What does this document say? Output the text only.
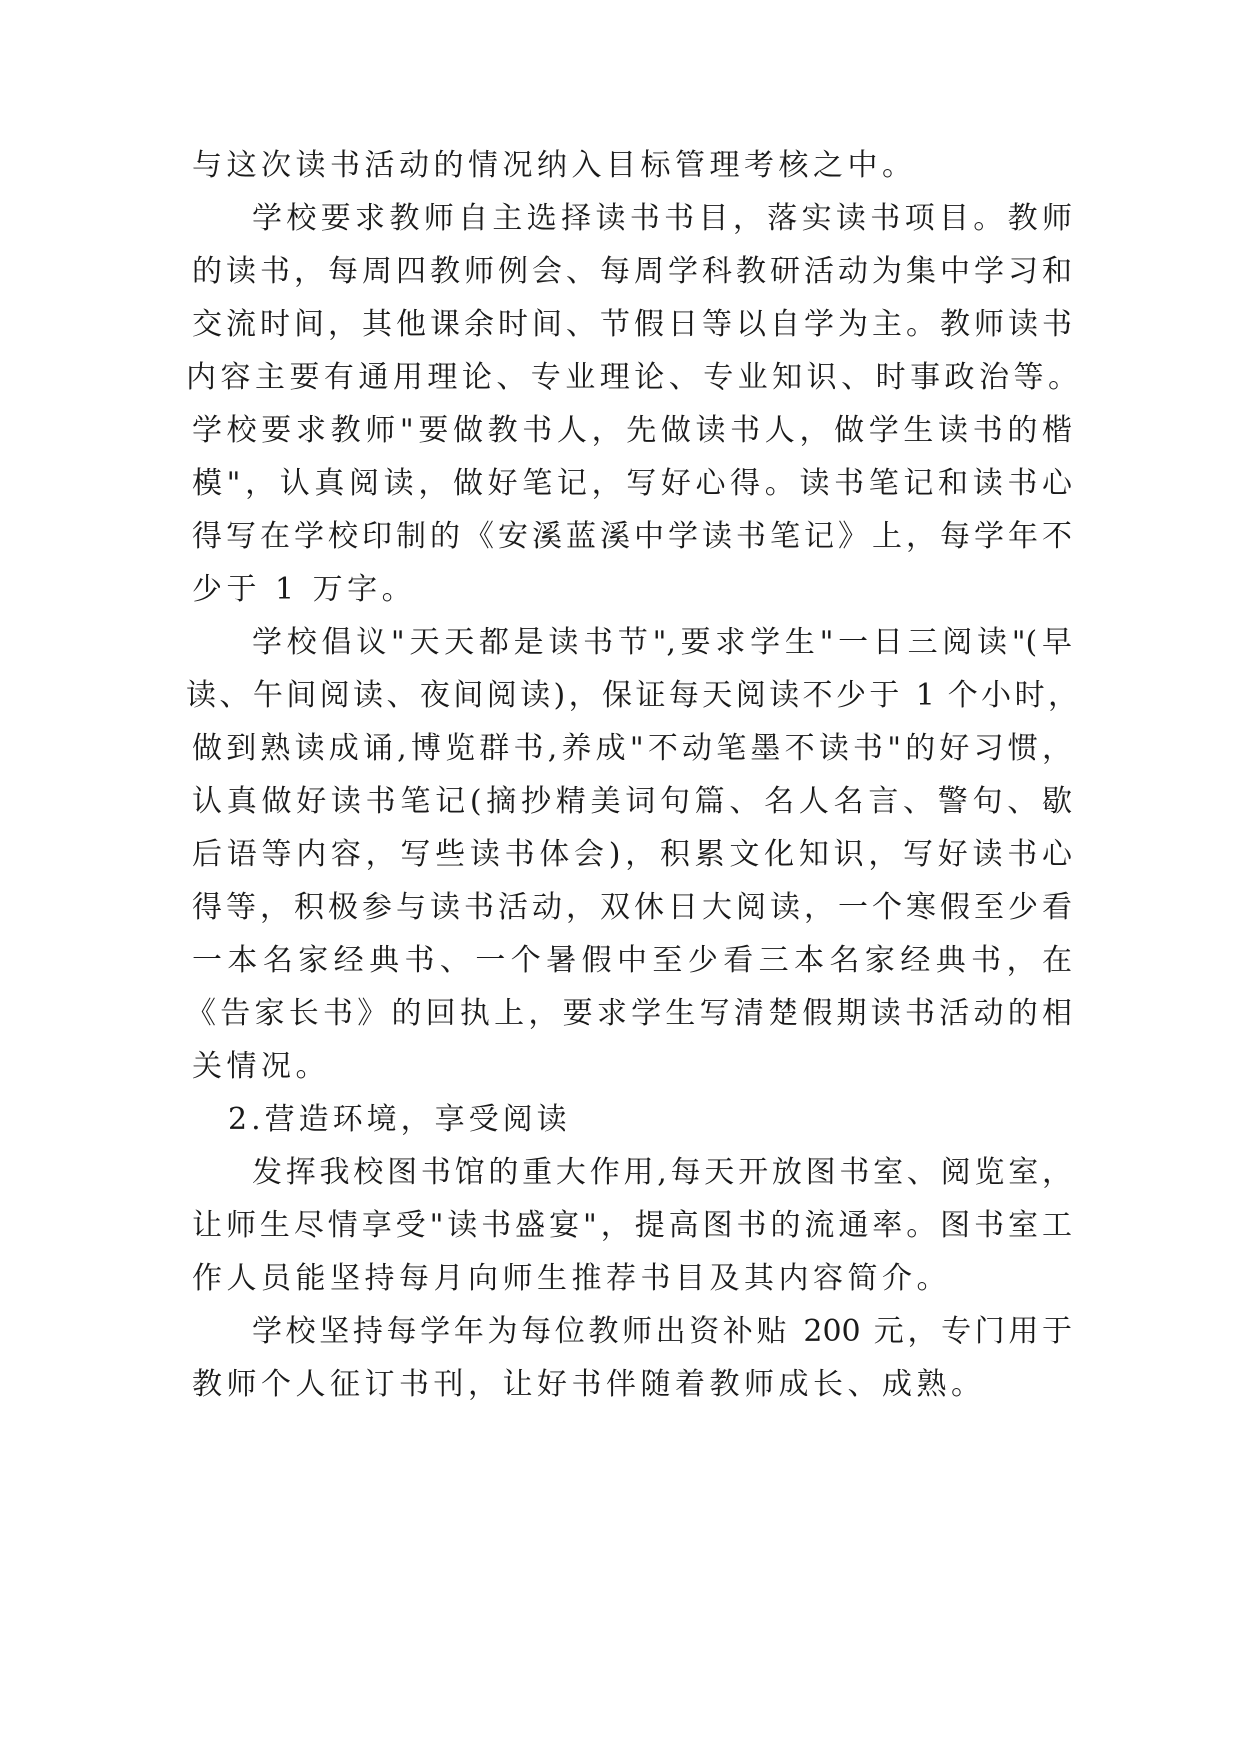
与这次读书活动的情况纳入目标管理考核之中。

学校要求教师自主选择读书书目，落实读书项目。教师

的读书，每周四教师例会、每周学科教研活动为集中学习和

交流时间，其他课余时间、节假日等以自学为主。教师读书

内容主要有通用理论、专业理论、专业知识、时事政治等。

学校要求教师"要做教书人，先做读书人，做学生读书的楷

模"，认真阅读，做好笔记，写好心得。读书笔记和读书心

得写在学校印制的《安溪蓝溪中学读书笔记》上，每学年不

少于 1 万字。

学校倡议"天天都是读书节",要求学生"一日三阅读"(早

读、午间阅读、夜间阅读)，保证每天阅读不少于 1 个小时，

做到熟读成诵,博览群书,养成"不动笔墨不读书"的好习惯，

认真做好读书笔记(摘抄精美词句篇、名人名言、警句、歇

后语等内容，写些读书体会)，积累文化知识，写好读书心

得等，积极参与读书活动，双休日大阅读，一个寒假至少看

一本名家经典书、一个暑假中至少看三本名家经典书，在

《告家长书》的回执上，要求学生写清楚假期读书活动的相

关情况。

2.营造环境，享受阅读

发挥我校图书馆的重大作用,每天开放图书室、阅览室，

让师生尽情享受"读书盛宴"，提高图书的流通率。图书室工

作人员能坚持每月向师生推荐书目及其内容简介。

学校坚持每学年为每位教师出资补贴 200 元，专门用于

教师个人征订书刊，让好书伴随着教师成长、成熟。
